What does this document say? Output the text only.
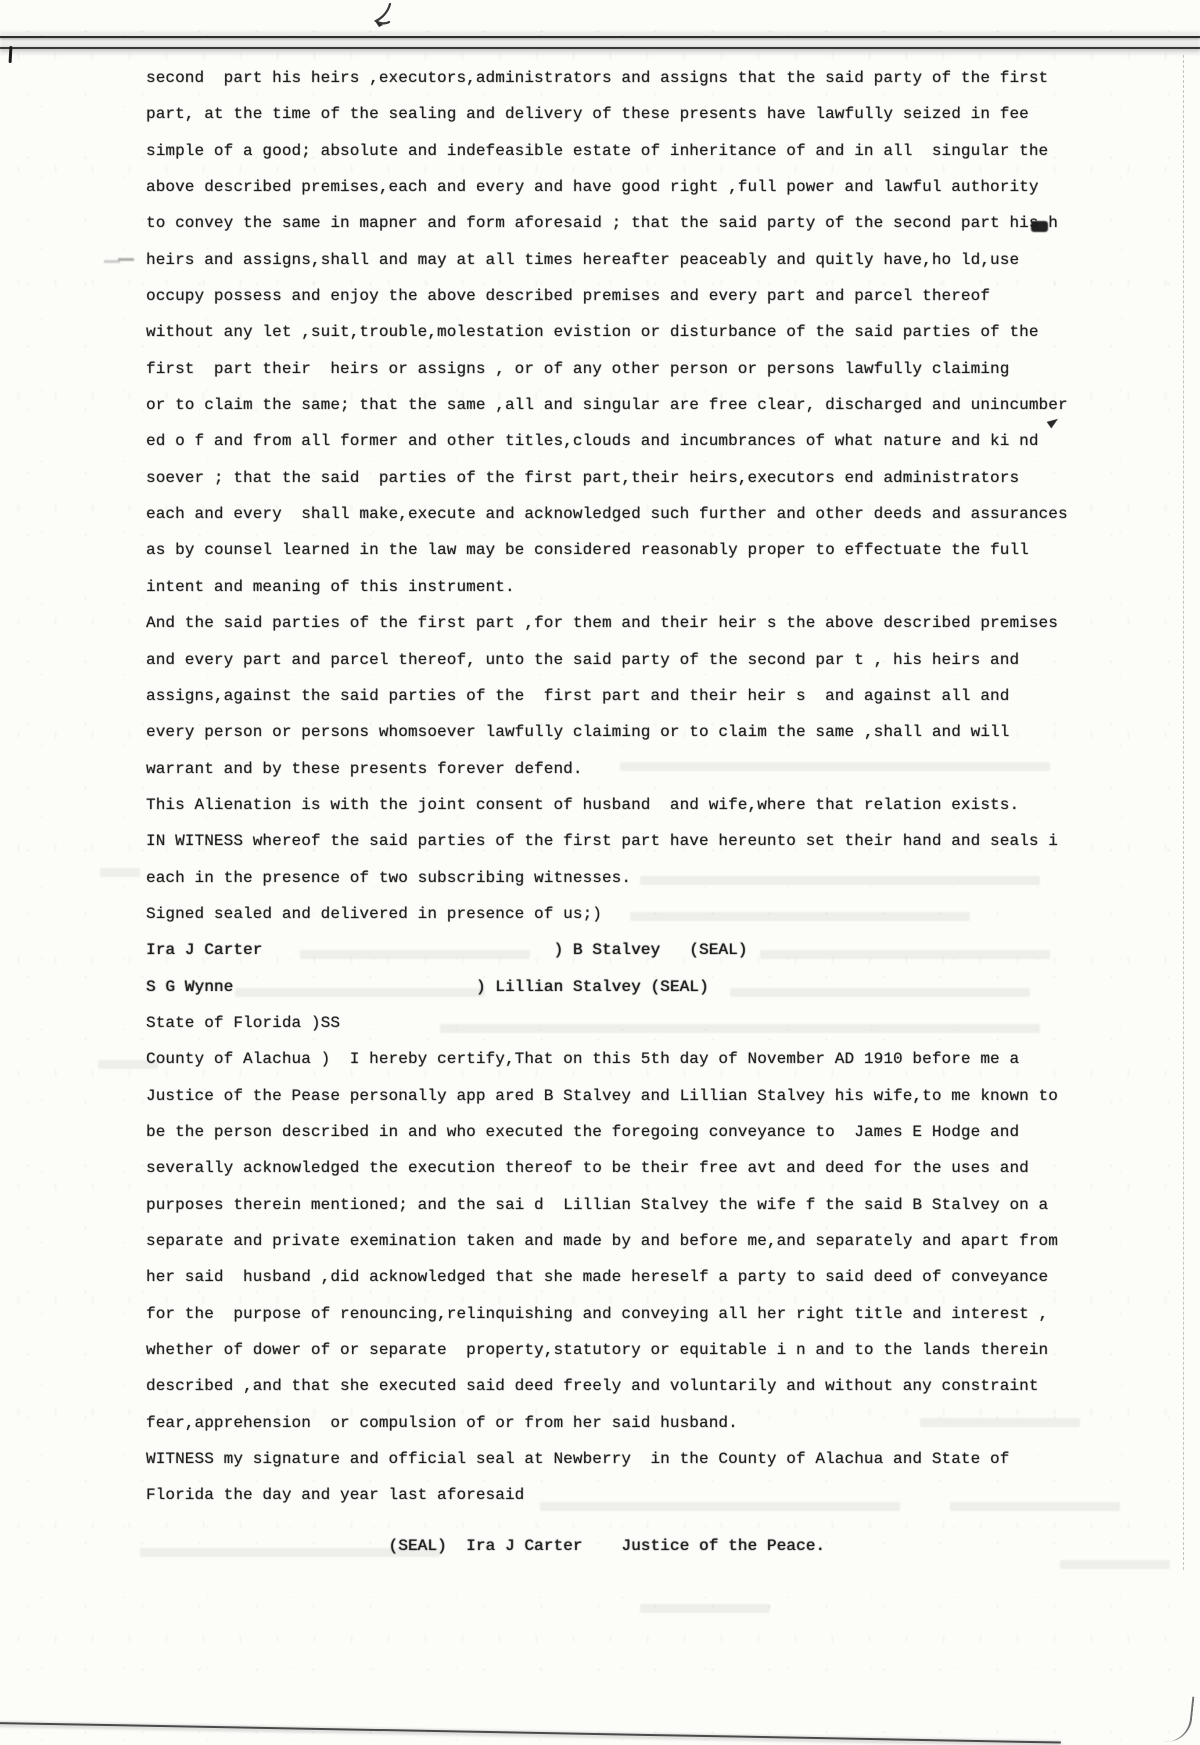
second  part his heirs ,executors,administrators and assigns that the said party of the first
part, at the time of the sealing and delivery of these presents have lawfully seized in fee
simple of a good; absolute and indefeasible estate of inheritance of and in all  singular the
above described premises,each and every and have good right ,full power and lawful authority
to convey the same in mapner and form aforesaid ; that the said party of the second part his h
heirs and assigns,shall and may at all times hereafter peaceably and quitly have,ho ld,use
occupy possess and enjoy the above described premises and every part and parcel thereof
without any let ,suit,trouble,molestation evistion or disturbance of the said parties of the
first  part their  heirs or assigns , or of any other person or persons lawfully claiming
or to claim the same; that the same ,all and singular are free clear, discharged and unincumber
ed o f and from all former and other titles,clouds and incumbrances of what nature and ki nd
soever ; that the said  parties of the first part,their heirs,executors end administrators
each and every  shall make,execute and acknowledged such further and other deeds and assurances
as by counsel learned in the law may be considered reasonably proper to effectuate the full
intent and meaning of this instrument.
And the said parties of the first part ,for them and their heir s the above described premises
and every part and parcel thereof, unto the said party of the second par t , his heirs and
assigns,against the said parties of the  first part and their heir s  and against all and
every person or persons whomsoever lawfully claiming or to claim the same ,shall and will
warrant and by these presents forever defend.
This Alienation is with the joint consent of husband  and wife,where that relation exists.
IN WITNESS whereof the said parties of the first part have hereunto set their hand and seals i
each in the presence of two subscribing witnesses.
Signed sealed and delivered in presence of us;)
Ira J Carter                              ) B Stalvey   (SEAL)
S G Wynne                         ) Lillian Stalvey (SEAL)
State of Florida )SS
County of Alachua )  I hereby certify,That on this 5th day of November AD 1910 before me a
Justice of the Pease personally app ared B Stalvey and Lillian Stalvey his wife,to me known to
be the person described in and who executed the foregoing conveyance to  James E Hodge and
severally acknowledged the execution thereof to be their free avt and deed for the uses and
purposes therein mentioned; and the sai d  Lillian Stalvey the wife f the said B Stalvey on a
separate and private exemination taken and made by and before me,and separately and apart from
her said  husband ,did acknowledged that she made hereself a party to said deed of conveyance
for the  purpose of renouncing,relinquishing and conveying all her right title and interest ,
whether of dower of or separate  property,statutory or equitable i n and to the lands therein
described ,and that she executed said deed freely and voluntarily and without any constraint
fear,apprehension  or compulsion of or from her said husband.
WITNESS my signature and official seal at Newberry  in the County of Alachua and State of
Florida the day and year last aforesaid
(SEAL)  Ira J Carter    Justice of the Peace.
